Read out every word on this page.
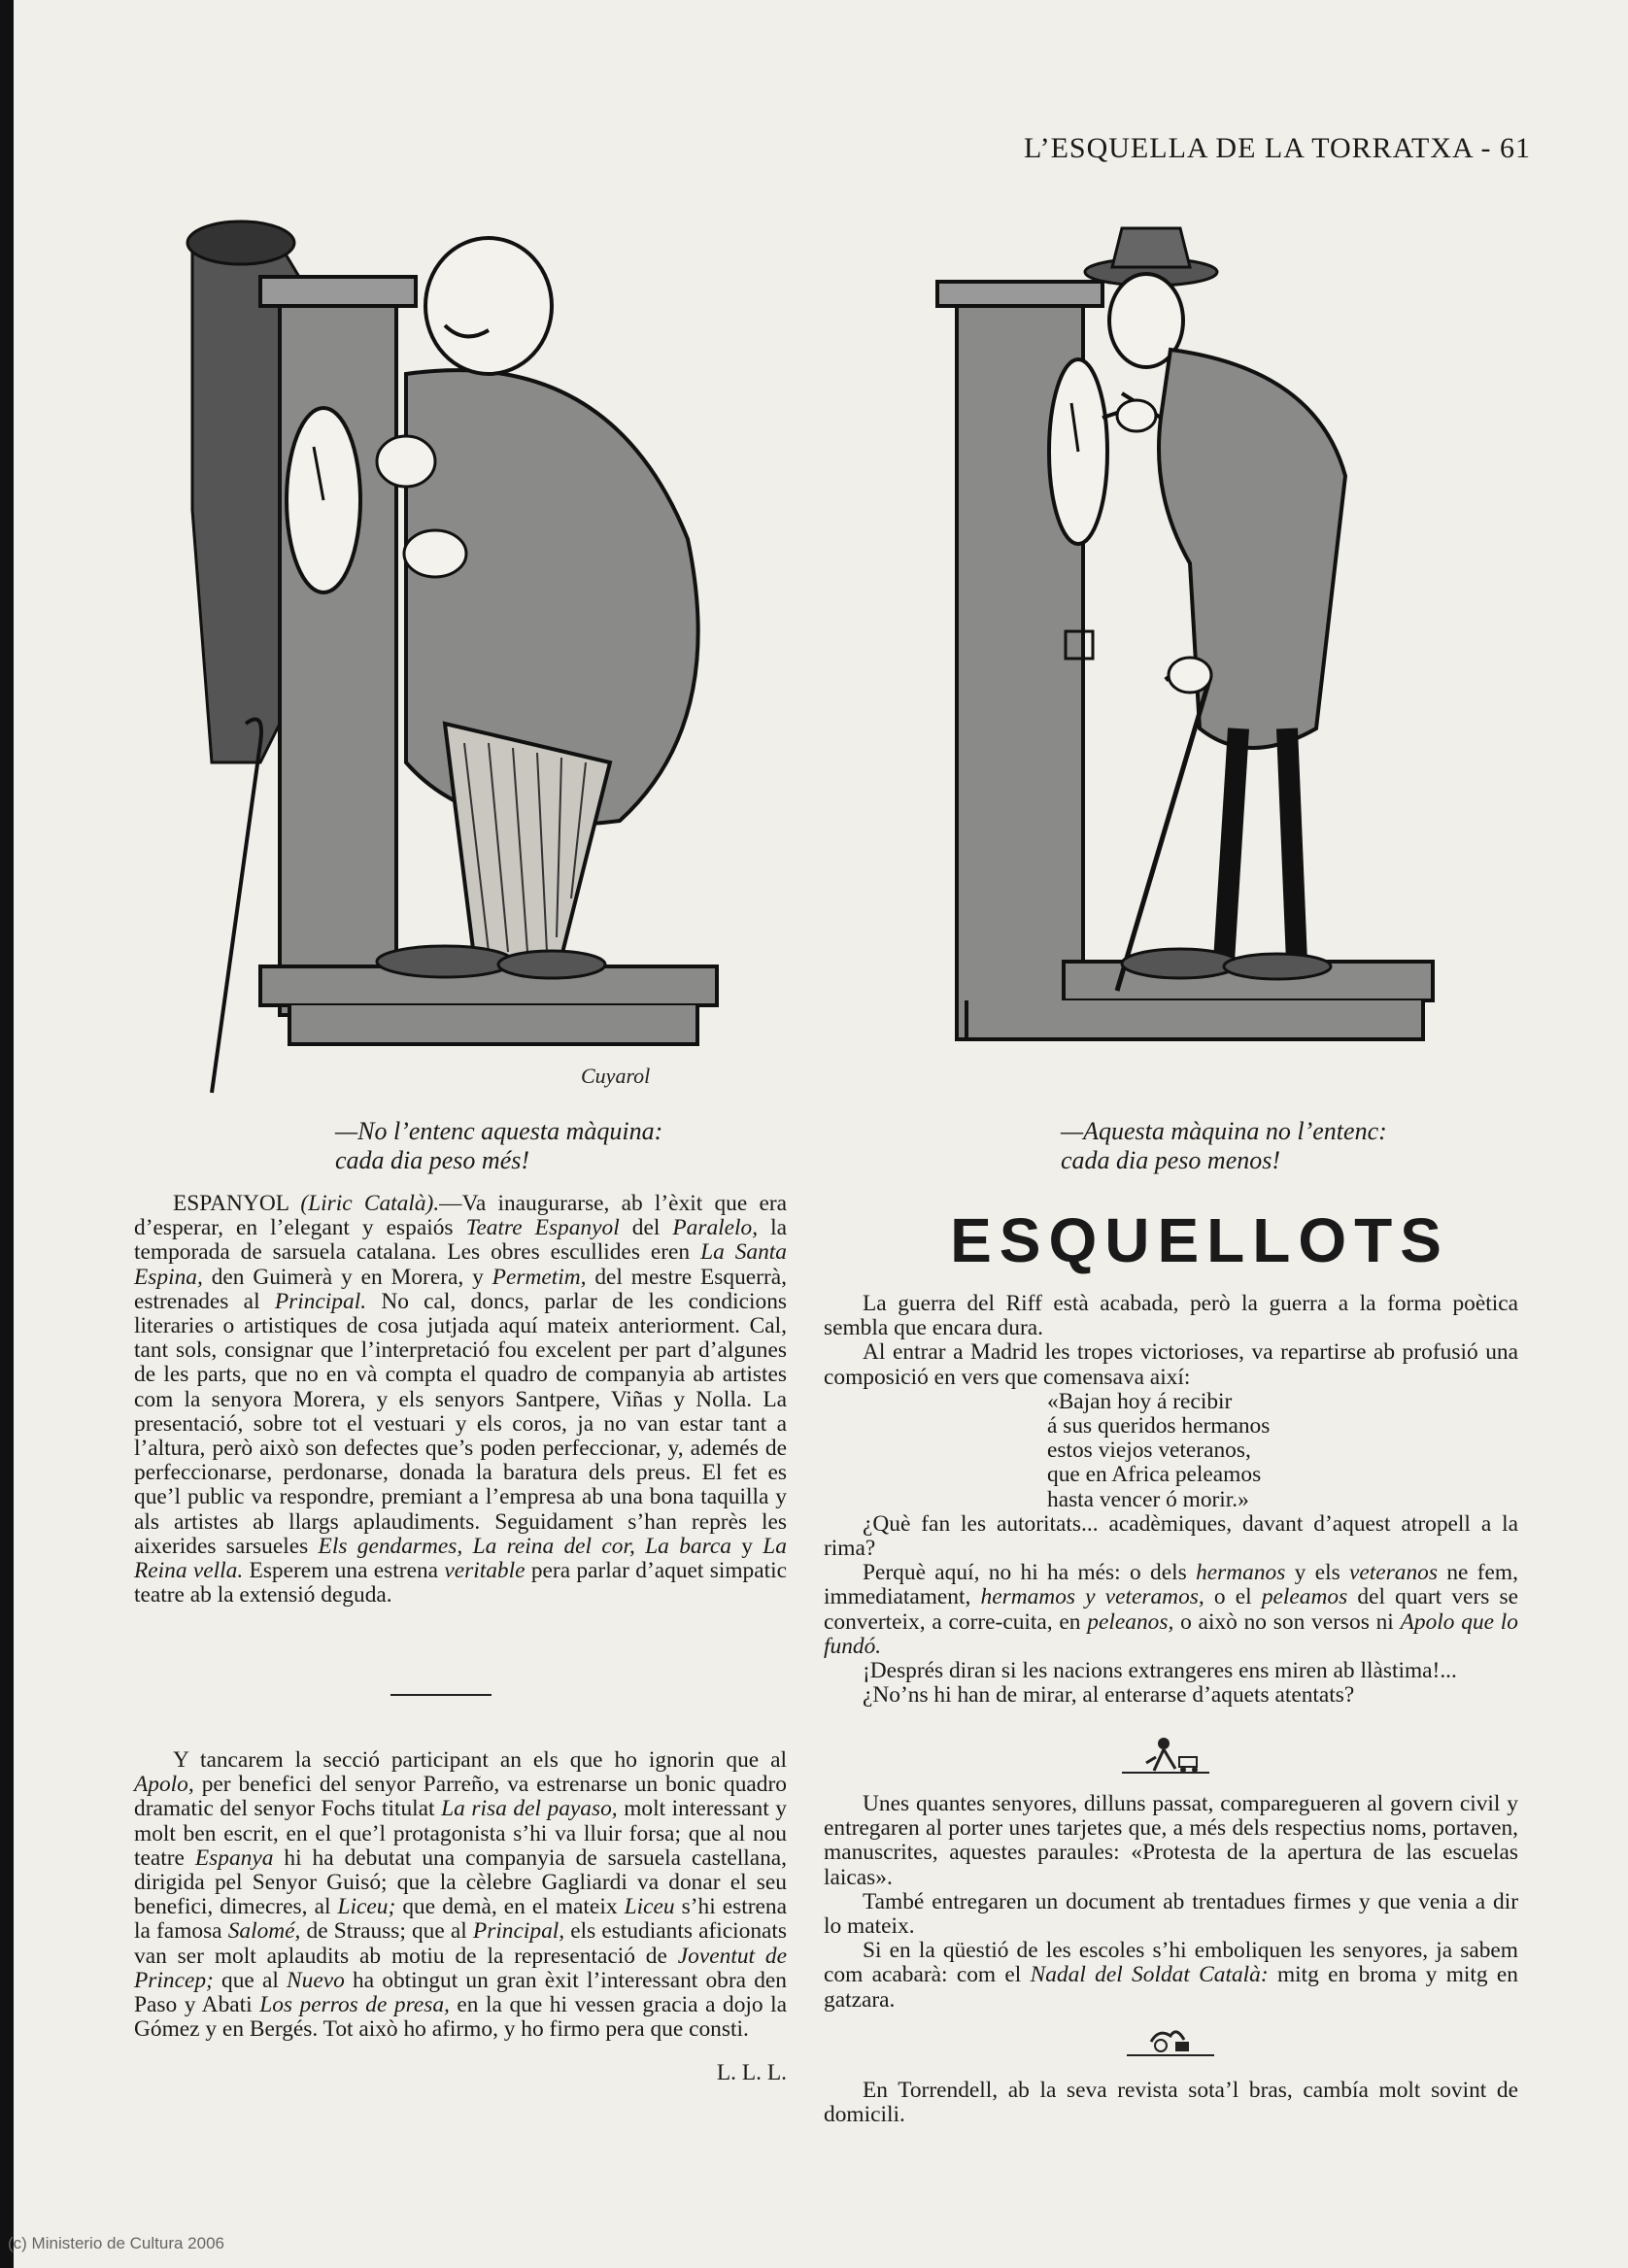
L’ESQUELLA DE LA TORRATXA - 61
Cuyarol
—No l’entenc aquesta màquina:
cada dia peso més!
—Aquesta màquina no l’entenc:
cada dia peso menos!

ESPANYOL (Liric Català).—Va inaugurarse, ab l’èxit que era d’esperar, en l’elegant y espaiós Teatre Espanyol del Paralelo, la temporada de sarsuela catalana. Les obres escullides eren La Santa Espina, den Guimerà y en Morera, y Permetim, del mestre Esquerrà, estrenades al Principal. No cal, doncs, parlar de les condicions literaries o artistiques de cosa jutjada aquí mateix anteriorment. Cal, tant sols, consignar que l’interpretació fou excelent per part d’algunes de les parts, que no en và compta el quadro de companyia ab artistes com la senyora Morera, y els senyors Santpere, Viñas y Nolla. La presentació, sobre tot el vestuari y els coros, ja no van estar tant a l’altura, però això son defectes que’s poden perfeccionar, y, ademés de perfeccionarse, perdonarse, donada la baratura dels preus. El fet es que’l public va respondre, premiant a l’empresa ab una bona taquilla y als artistes ab llargs aplaudiments. Seguidament s’han reprès les aixerides sarsueles Els gendarmes, La reina del cor, La barca y La Reina vella. Esperem una estrena veritable pera parlar d’aquet simpatic teatre ab la extensió deguda.

Y tancarem la secció participant an els que ho ignorin que al Apolo, per benefici del senyor Parreño, va estrenarse un bonic quadro dramatic del senyor Fochs titulat La risa del payaso, molt interessant y molt ben escrit, en el que’l protagonista s’hi va lluir forsa; que al nou teatre Espanya hi ha debutat una companyia de sarsuela castellana, dirigida pel Senyor Guisó; que la cèlebre Gagliardi va donar el seu benefici, dimecres, al Liceu; que demà, en el mateix Liceu s’hi estrena la famosa Salomé, de Strauss; que al Principal, els estudiants aficionats van ser molt aplaudits ab motiu de la representació de Joventut de Princep; que al Nuevo ha obtingut un gran èxit l’interessant obra den Paso y Abati Los perros de presa, en la que hi vessen gracia a dojo la Gómez y en Bergés. Tot això ho afirmo, y ho firmo pera que consti.

L. L. L.

ESQUELLOTS

La guerra del Riff està acabada, però la guerra a la forma poètica sembla que encara dura.

Al entrar a Madrid les tropes victorioses, va repartirse ab profusió una composició en vers que comensava així:

«Bajan hoy á recibir

á sus queridos hermanos

estos viejos veteranos,

que en Africa peleamos

hasta vencer ó morir.»

¿Què fan les autoritats... acadèmiques, davant d’aquest atropell a la rima?

Perquè aquí, no hi ha més: o dels hermanos y els veteranos ne fem, immediatament, hermamos y veteramos, o el peleamos del quart vers se converteix, a corre-cuita, en peleanos, o això no son versos ni Apolo que lo fundó.

¡Després diran si les nacions extrangeres ens miren ab llàstima!...

¿No’ns hi han de mirar, al enterarse d’aquets atentats?

Unes quantes senyores, dilluns passat, comparegueren al govern civil y entregaren al porter unes tarjetes que, a més dels respectius noms, portaven, manuscrites, aquestes paraules: «Protesta de la apertura de las escuelas laicas».

També entregaren un document ab trentadues firmes y que venia a dir lo mateix.

Si en la qüestió de les escoles s’hi emboliquen les senyores, ja sabem com acabarà: com el Nadal del Soldat Català: mitg en broma y mitg en gatzara.

En Torrendell, ab la seva revista sota’l bras, cambía molt sovint de domicili.

(c) Ministerio de Cultura 2006
